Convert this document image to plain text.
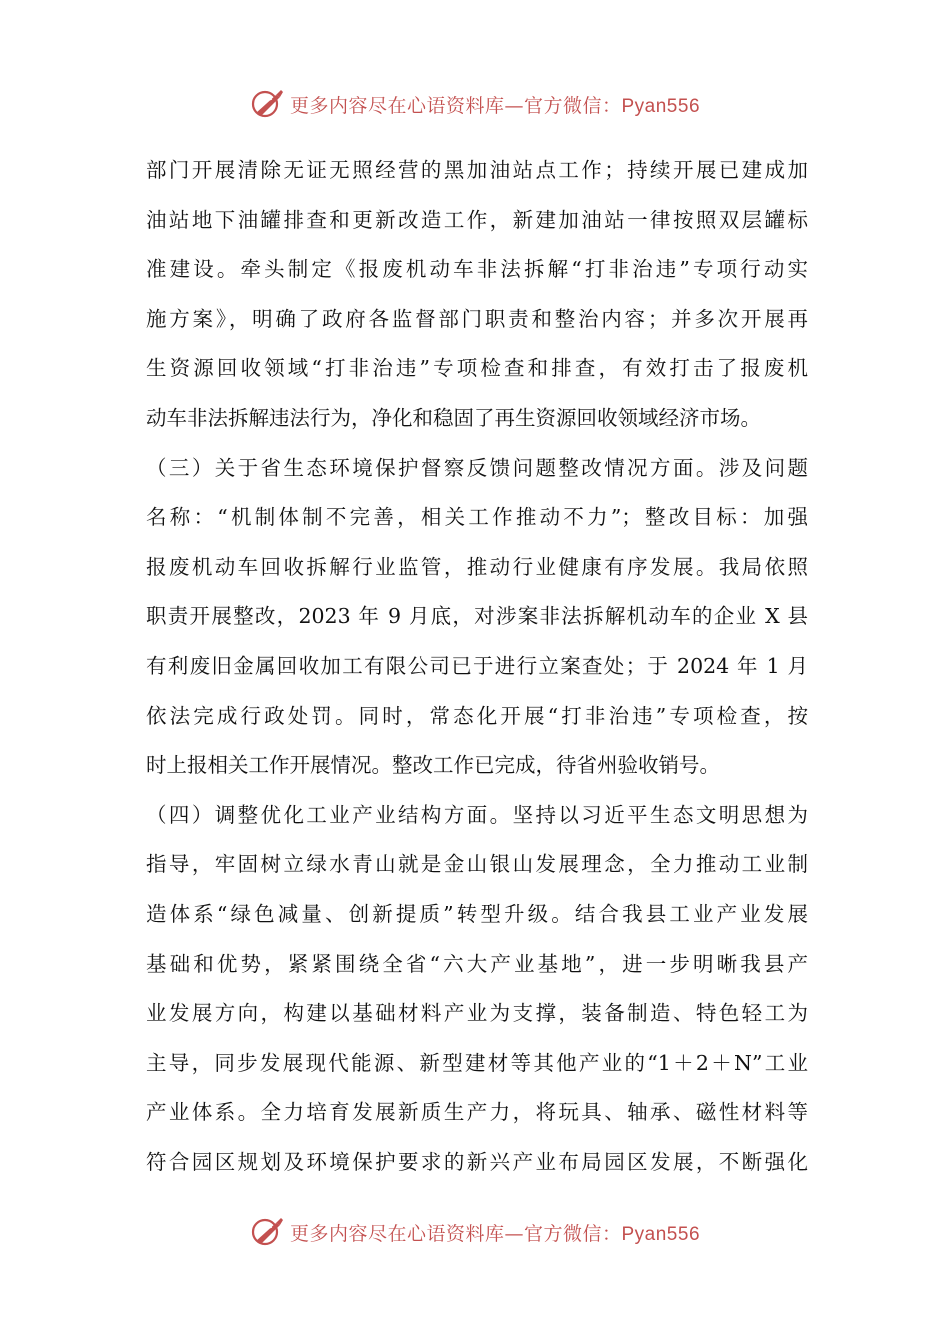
更多内容尽在心语资料库—官方微信：Pyan556
部门开展清除无证无照经营的黑加油站点工作；持续开展已建成加
油站地下油罐排查和更新改造工作，新建加油站一律按照双层罐标
准建设。牵头制定《报废机动车非法拆解“打非治违”专项行动实
施方案》，明确了政府各监督部门职责和整治内容；并多次开展再
生资源回收领域“打非治违”专项检查和排查，有效打击了报废机
动车非法拆解违法行为，净化和稳固了再生资源回收领域经济市场。
（三）关于省生态环境保护督察反馈问题整改情况方面。涉及问题
名称：“机制体制不完善，相关工作推动不力”；整改目标：加强
报废机动车回收拆解行业监管，推动行业健康有序发展。我局依照
职责开展整改，2023 年 9 月底，对涉案非法拆解机动车的企业 X 县
有利废旧金属回收加工有限公司已于进行立案查处；于 2024 年 1 月
依法完成行政处罚。同时，常态化开展“打非治违”专项检查，按
时上报相关工作开展情况。整改工作已完成，待省州验收销号。
（四）调整优化工业产业结构方面。坚持以习近平生态文明思想为
指导，牢固树立绿水青山就是金山银山发展理念，全力推动工业制
造体系“绿色减量、创新提质”转型升级。结合我县工业产业发展
基础和优势，紧紧围绕全省“六大产业基地”，进一步明晰我县产
业发展方向，构建以基础材料产业为支撑，装备制造、特色轻工为
主导，同步发展现代能源、新型建材等其他产业的“1＋2＋N”工业
产业体系。全力培育发展新质生产力，将玩具、轴承、磁性材料等
符合园区规划及环境保护要求的新兴产业布局园区发展，不断强化
更多内容尽在心语资料库—官方微信：Pyan556
